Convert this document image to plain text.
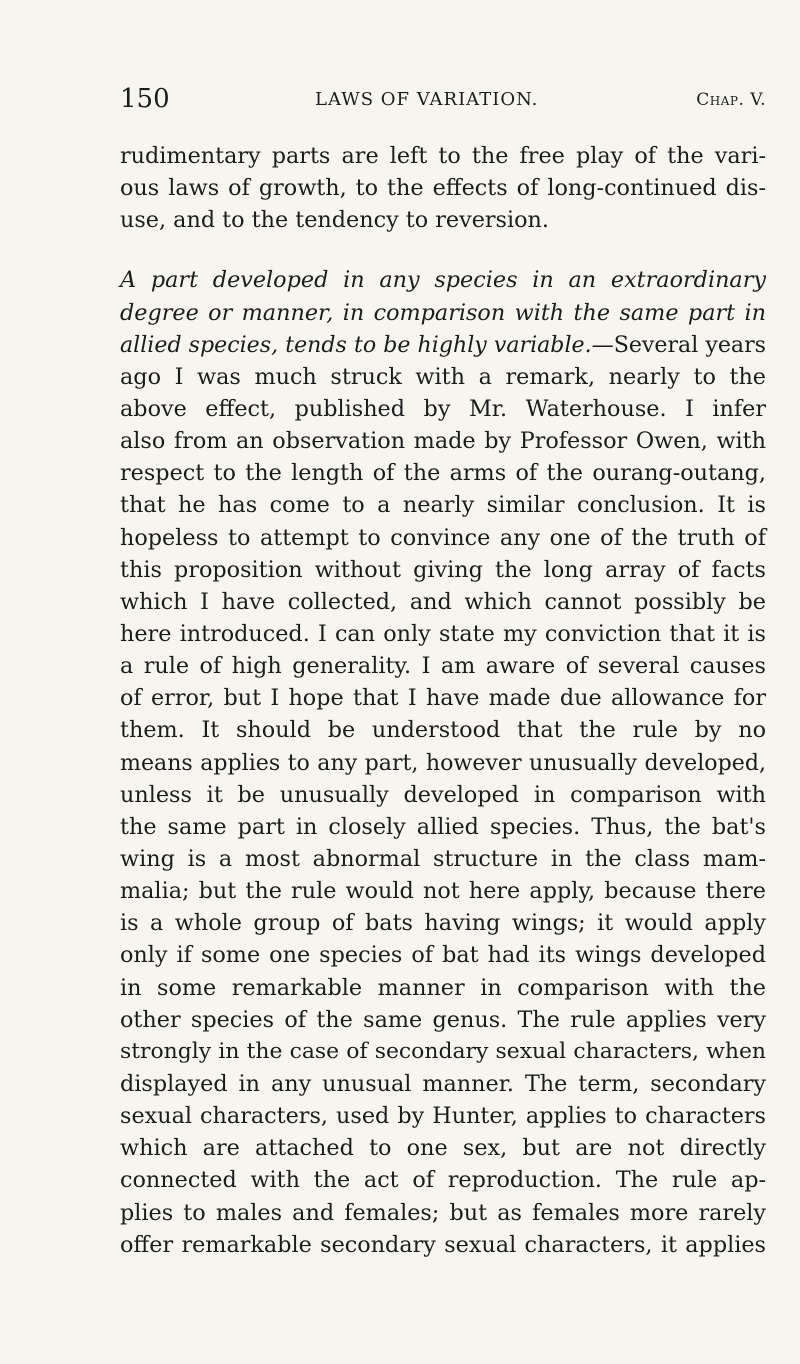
150	LAWS OF VARIATION.	Chap. V.
rudimentary parts are left to the free play of the vari-
ous laws of growth, to the effects of long-continued dis-
use, and to the tendency to reversion.
A part developed in any species in an extraordinary
degree or manner, in comparison with the same part in
allied species, tends to be highly variable.—Several years
ago I was much struck with a remark, nearly to the
above effect, published by Mr. Waterhouse. I infer
also from an observation made by Professor Owen, with
respect to the length of the arms of the ourang-outang,
that he has come to a nearly similar conclusion. It is
hopeless to attempt to convince any one of the truth of
this proposition without giving the long array of facts
which I have collected, and which cannot possibly be
here introduced. I can only state my conviction that it is
a rule of high generality. I am aware of several causes
of error, but I hope that I have made due allowance for
them. It should be understood that the rule by no
means applies to any part, however unusually developed,
unless it be unusually developed in comparison with
the same part in closely allied species. Thus, the bat's
wing is a most abnormal structure in the class mam-
malia; but the rule would not here apply, because there
is a whole group of bats having wings; it would apply
only if some one species of bat had its wings developed
in some remarkable manner in comparison with the
other species of the same genus. The rule applies very
strongly in the case of secondary sexual characters, when
displayed in any unusual manner. The term, secondary
sexual characters, used by Hunter, applies to characters
which are attached to one sex, but are not directly
connected with the act of reproduction. The rule ap-
plies to males and females; but as females more rarely
offer remarkable secondary sexual characters, it applies
